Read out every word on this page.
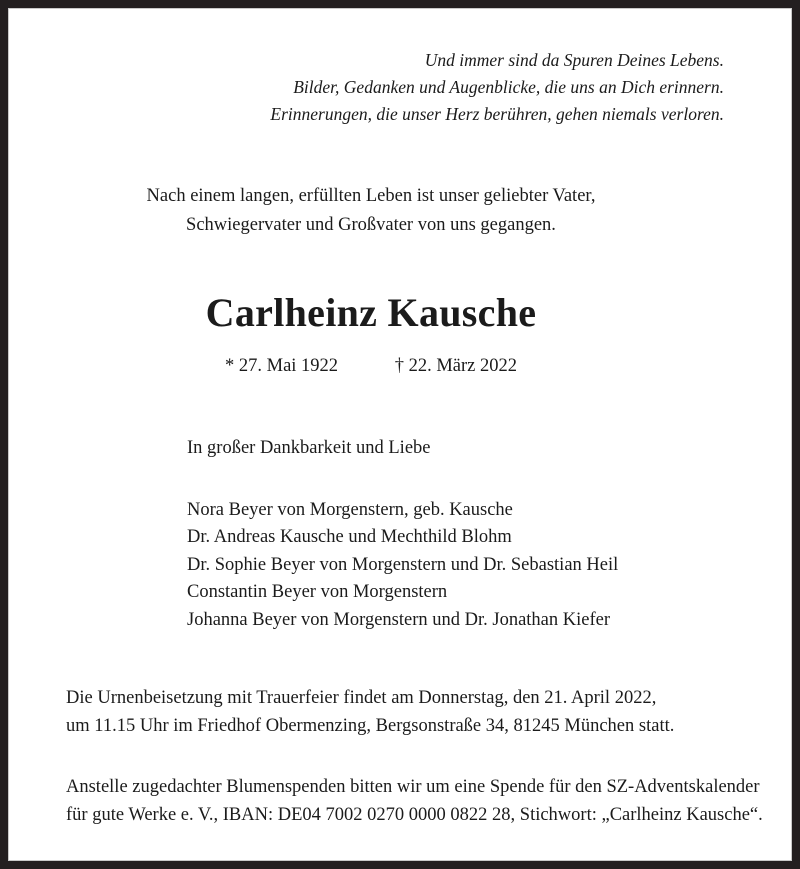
Und immer sind da Spuren Deines Lebens.
Bilder, Gedanken und Augenblicke, die uns an Dich erinnern.
Erinnerungen, die unser Herz berühren, gehen niemals verloren.
Nach einem langen, erfüllten Leben ist unser geliebter Vater,
Schwiegervater und Großvater von uns gegangen.
Carlheinz Kausche
* 27. Mai 1922	† 22. März 2022

In großer Dankbarkeit und Liebe

Nora Beyer von Morgenstern, geb. Kausche
Dr. Andreas Kausche und Mechthild Blohm
Dr. Sophie Beyer von Morgenstern und Dr. Sebastian Heil
Constantin Beyer von Morgenstern
Johanna Beyer von Morgenstern und Dr. Jonathan Kiefer

Die Urnenbeisetzung mit Trauerfeier findet am Donnerstag, den 21. April 2022,
um 11.15 Uhr im Friedhof Obermenzing, Bergsonstraße 34, 81245 München statt.

Anstelle zugedachter Blumenspenden bitten wir um eine Spende für den SZ-Adventskalender
für gute Werke e. V., IBAN: DE04 7002 0270 0000 0822 28, Stichwort: „Carlheinz Kausche“.
